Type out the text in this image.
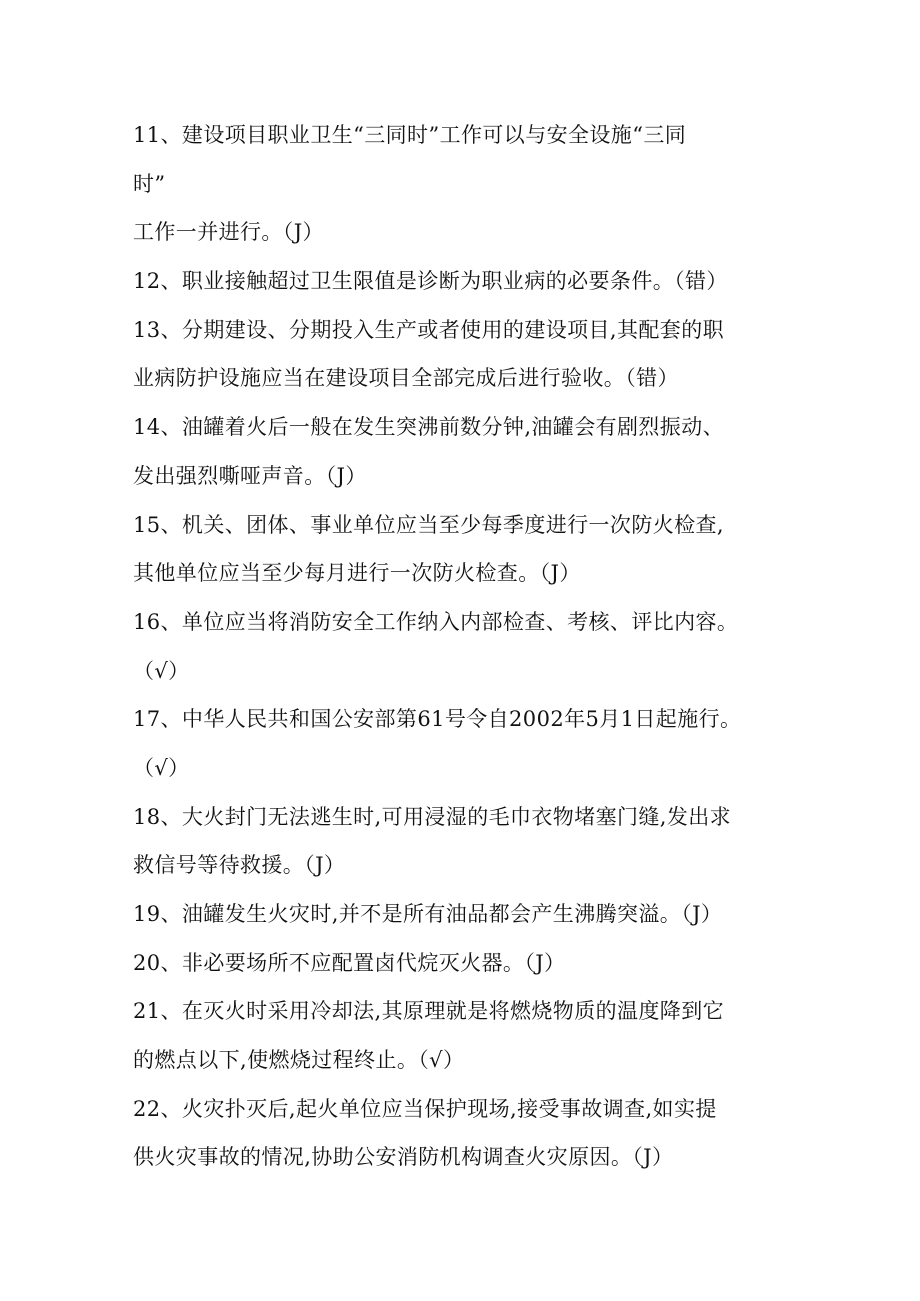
11、建设项目职业卫生“三同时”工作可以与安全设施“三同
时”
工作一并进行。（J）
12、职业接触超过卫生限值是诊断为职业病的必要条件。（错）
13、分期建设、分期投入生产或者使用的建设项目,其配套的职
业病防护设施应当在建设项目全部完成后进行验收。（错）
14、油罐着火后一般在发生突沸前数分钟,油罐会有剧烈振动、
发出强烈嘶哑声音。（J）
15、机关、团体、事业单位应当至少每季度进行一次防火检查,
其他单位应当至少每月进行一次防火检查。（J）
16、单位应当将消防安全工作纳入内部检查、考核、评比内容。
（√）
17、中华人民共和国公安部第61号令自2002年5月1日起施行。
（√）
18、大火封门无法逃生时,可用浸湿的毛巾衣物堵塞门缝,发出求
救信号等待救援。（J）
19、油罐发生火灾时,并不是所有油品都会产生沸腾突溢。（J）
20、非必要场所不应配置卤代烷灭火器。（J）
21、在灭火时采用冷却法,其原理就是将燃烧物质的温度降到它
的燃点以下,使燃烧过程终止。（√）
22、火灾扑灭后,起火单位应当保护现场,接受事故调查,如实提
供火灾事故的情况,协助公安消防机构调查火灾原因。（J）
